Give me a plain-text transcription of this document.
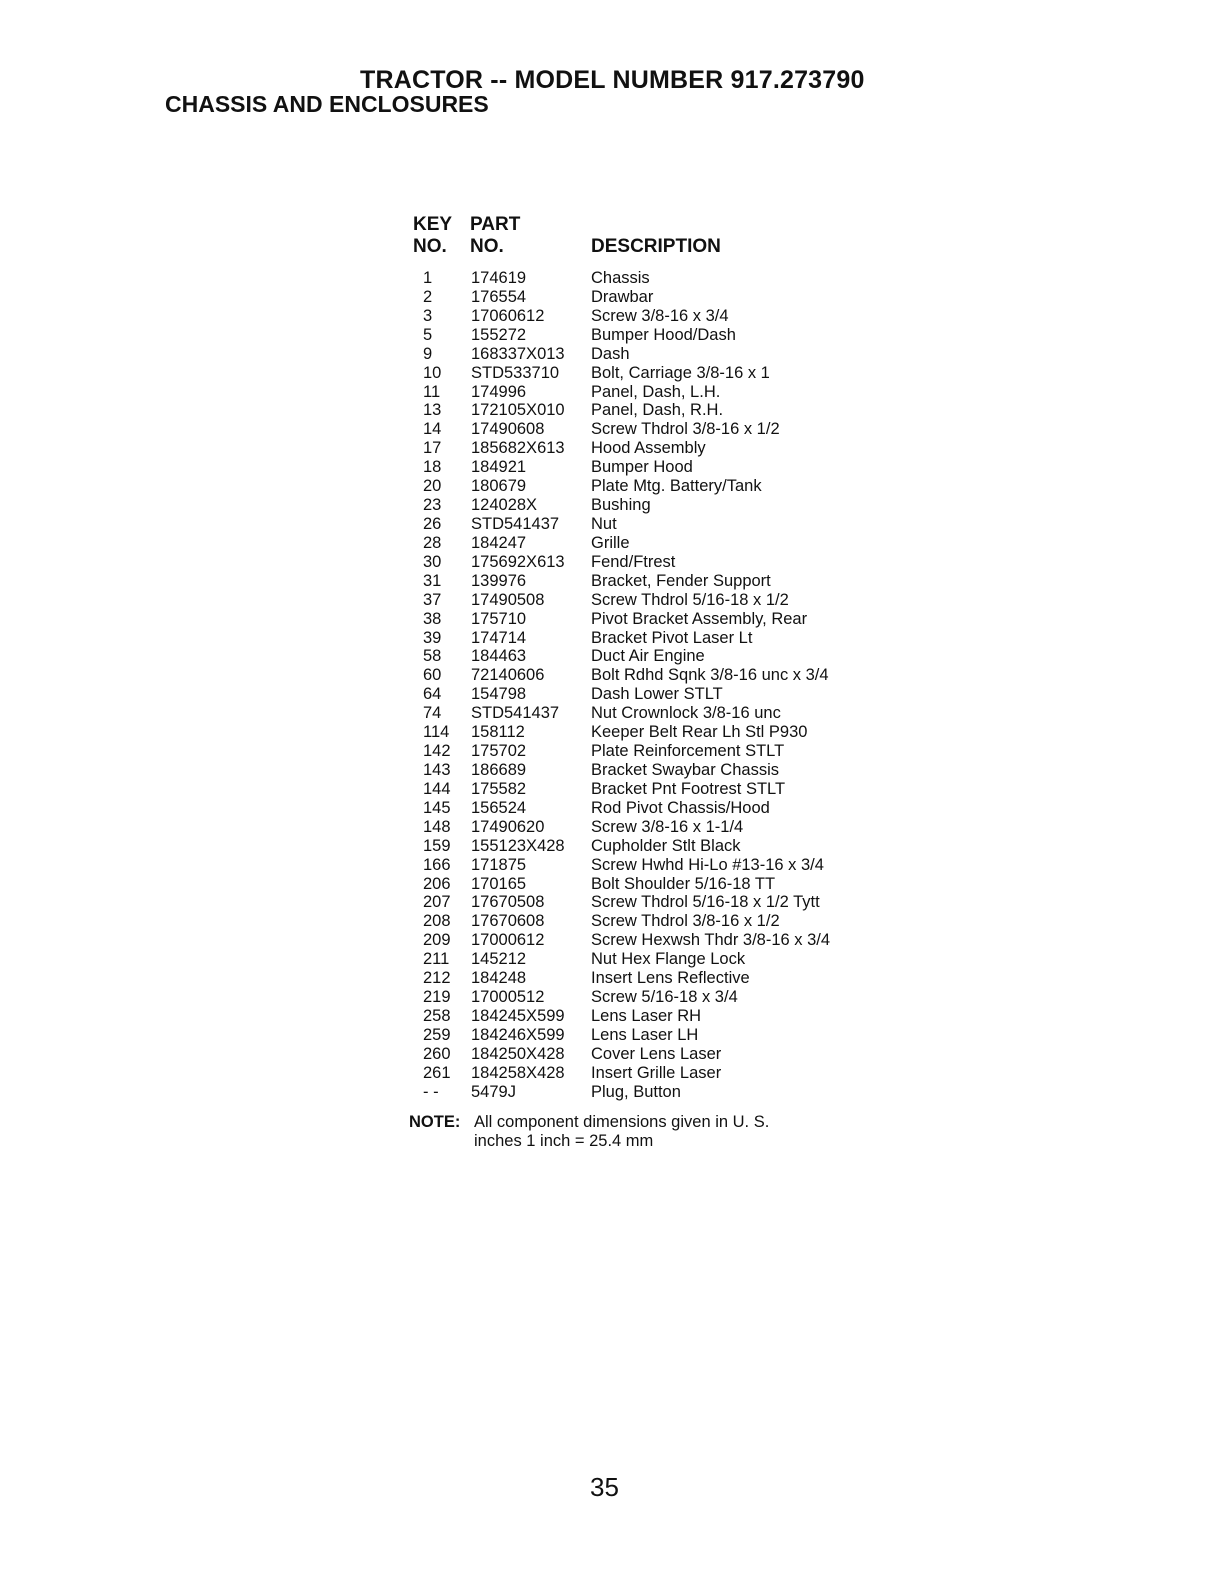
TRACTOR -- MODEL NUMBER 917.273790
CHASSIS AND ENCLOSURES
KEY PART
NO. NO.	DESCRIPTION
1 174619	Chassis
2 176554	Drawbar
3 17060612	Screw 3/8-16 x 3/4
5 155272	Bumper Hood/Dash
9 168337X013 Dash
10 STD533710 Bolt, Carriage 3/8-16 x 1
11 174996	Panel, Dash, L.H.
13 172105X010 Panel, Dash, R.H.
14 17490608	Screw Thdrol 3/8-16 x 1/2
17 185682X613 Hood Assembly
18 184921	Bumper Hood
20 180679	Plate Mtg. Battery/Tank
23 124028X	Bushing
26 STD541437 Nut
28 184247	Grille
30 175692X613 Fend/Ftrest
31 139976	Bracket, Fender Support
37 17490508	Screw Thdrol 5/16-18 x 1/2
38 175710	Pivot Bracket Assembly, Rear
39 174714	Bracket Pivot Laser Lt
58 184463	Duct Air Engine
60 72140606	Bolt Rdhd Sqnk 3/8-16 unc x 3/4
64 154798	Dash Lower STLT
74 STD541437 Nut Crownlock 3/8-16 unc
114 158112	Keeper Belt Rear Lh Stl P930
142 175702	Plate Reinforcement STLT
143 186689	Bracket Swaybar Chassis
144 175582	Bracket Pnt Footrest STLT
145 156524	Rod Pivot Chassis/Hood
148 17490620	Screw 3/8-16 x 1-1/4
159 155123X428 Cupholder Stlt Black
166 171875	Screw Hwhd Hi-Lo #13-16 x 3/4
206 170165	Bolt Shoulder 5/16-18 TT
207 17670508	Screw Thdrol 5/16-18 x 1/2 Tytt
208 17670608	Screw Thdrol 3/8-16 x 1/2
209 17000612	Screw Hexwsh Thdr 3/8-16 x 3/4
211 145212	Nut Hex Flange Lock
212 184248	Insert Lens Reflective
219 17000512	Screw 5/16-18 x 3/4
258 184245X599 Lens Laser RH
259 184246X599 Lens Laser LH
260 184250X428 Cover Lens Laser
261 184258X428 Insert Grille Laser
- - 5479J	Plug, Button
NOTE: All component dimensions given in U. S. inches 1 inch = 25.4 mm
35
